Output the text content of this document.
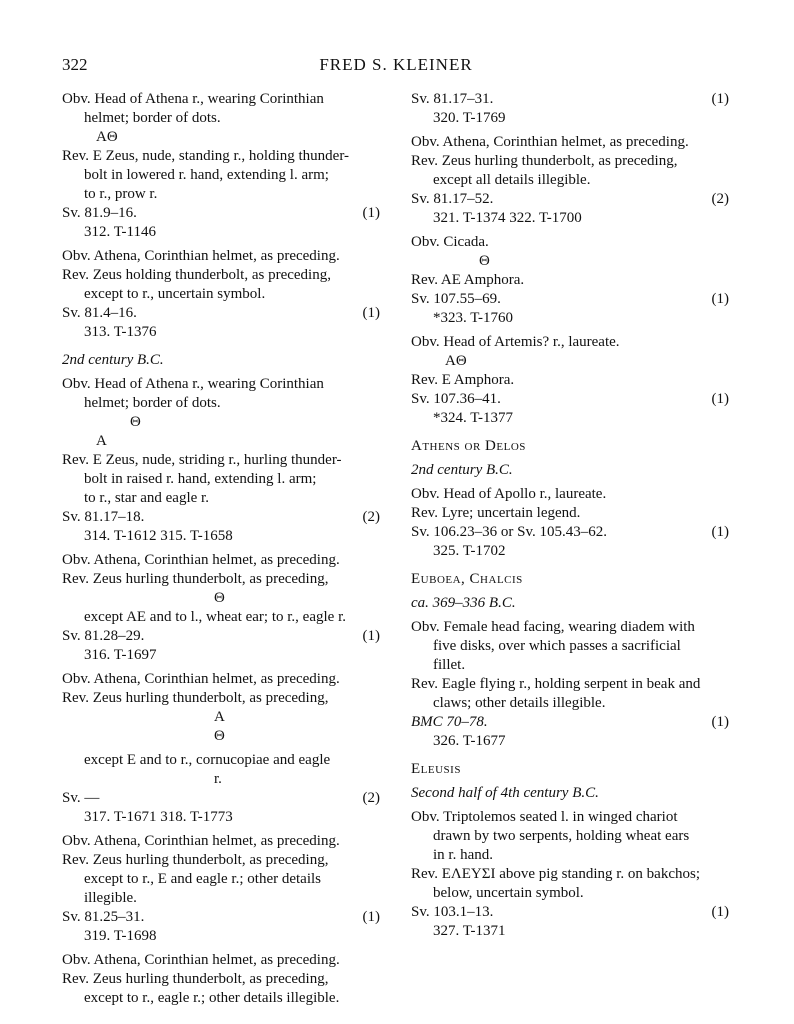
322	FRED S. KLEINER
Obv. Head of Athena r., wearing Corinthian
helmet; border of dots.
AΘ
Rev. E Zeus, nude, standing r., holding thunder-
bolt in lowered r. hand, extending l. arm;
to r., prow r.
Sv. 81.9–16.	(1)
312. T-1146
Obv. Athena, Corinthian helmet, as preceding.
Rev. Zeus holding thunderbolt, as preceding,
except to r., uncertain symbol.
Sv. 81.4–16.	(1)
313. T-1376
2nd century B.C.
Obv. Head of Athena r., wearing Corinthian
helmet; border of dots.
Θ
A
Rev. E Zeus, nude, striding r., hurling thunder-
bolt in raised r. hand, extending l. arm;
to r., star and eagle r.
Sv. 81.17–18.	(2)
314. T-1612 315. T-1658
Obv. Athena, Corinthian helmet, as preceding.
Rev. Zeus hurling thunderbolt, as preceding,
Θ
except AE and to l., wheat ear; to r., eagle r.
Sv. 81.28–29.	(1)
316. T-1697
Obv. Athena, Corinthian helmet, as preceding.
Rev. Zeus hurling thunderbolt, as preceding,
A
Θ
except E and to r., cornucopiae and eagle
r.
Sv. —	(2)
317. T-1671 318. T-1773
Obv. Athena, Corinthian helmet, as preceding.
Rev. Zeus hurling thunderbolt, as preceding,
except to r., E and eagle r.; other details
illegible.
Sv. 81.25–31.	(1)
319. T-1698
Obv. Athena, Corinthian helmet, as preceding.
Rev. Zeus hurling thunderbolt, as preceding,
except to r., eagle r.; other details illegible.
Sv. 81.17–31.	(1)
320. T-1769
Obv. Athena, Corinthian helmet, as preceding.
Rev. Zeus hurling thunderbolt, as preceding,
except all details illegible.
Sv. 81.17–52.	(2)
321. T-1374 322. T-1700
Obv. Cicada.
Θ
Rev. AE Amphora.
Sv. 107.55–69.	(1)
*323. T-1760
Obv. Head of Artemis? r., laureate.
AΘ
Rev. E Amphora.
Sv. 107.36–41.	(1)
*324. T-1377
Athens or Delos
2nd century B.C.
Obv. Head of Apollo r., laureate.
Rev. Lyre; uncertain legend.
Sv. 106.23–36 or Sv. 105.43–62.	(1)
325. T-1702
Euboea, Chalcis
ca. 369–336 B.C.
Obv. Female head facing, wearing diadem with
five disks, over which passes a sacrificial
fillet.
Rev. Eagle flying r., holding serpent in beak and
claws; other details illegible.
BMC 70–78.	(1)
326. T-1677
Eleusis
Second half of 4th century B.C.
Obv. Triptolemos seated l. in winged chariot
drawn by two serpents, holding wheat ears
in r. hand.
Rev. ΕΛΕΥΣΙ above pig standing r. on bakchos;
below, uncertain symbol.
Sv. 103.1–13.	(1)
327. T-1371
